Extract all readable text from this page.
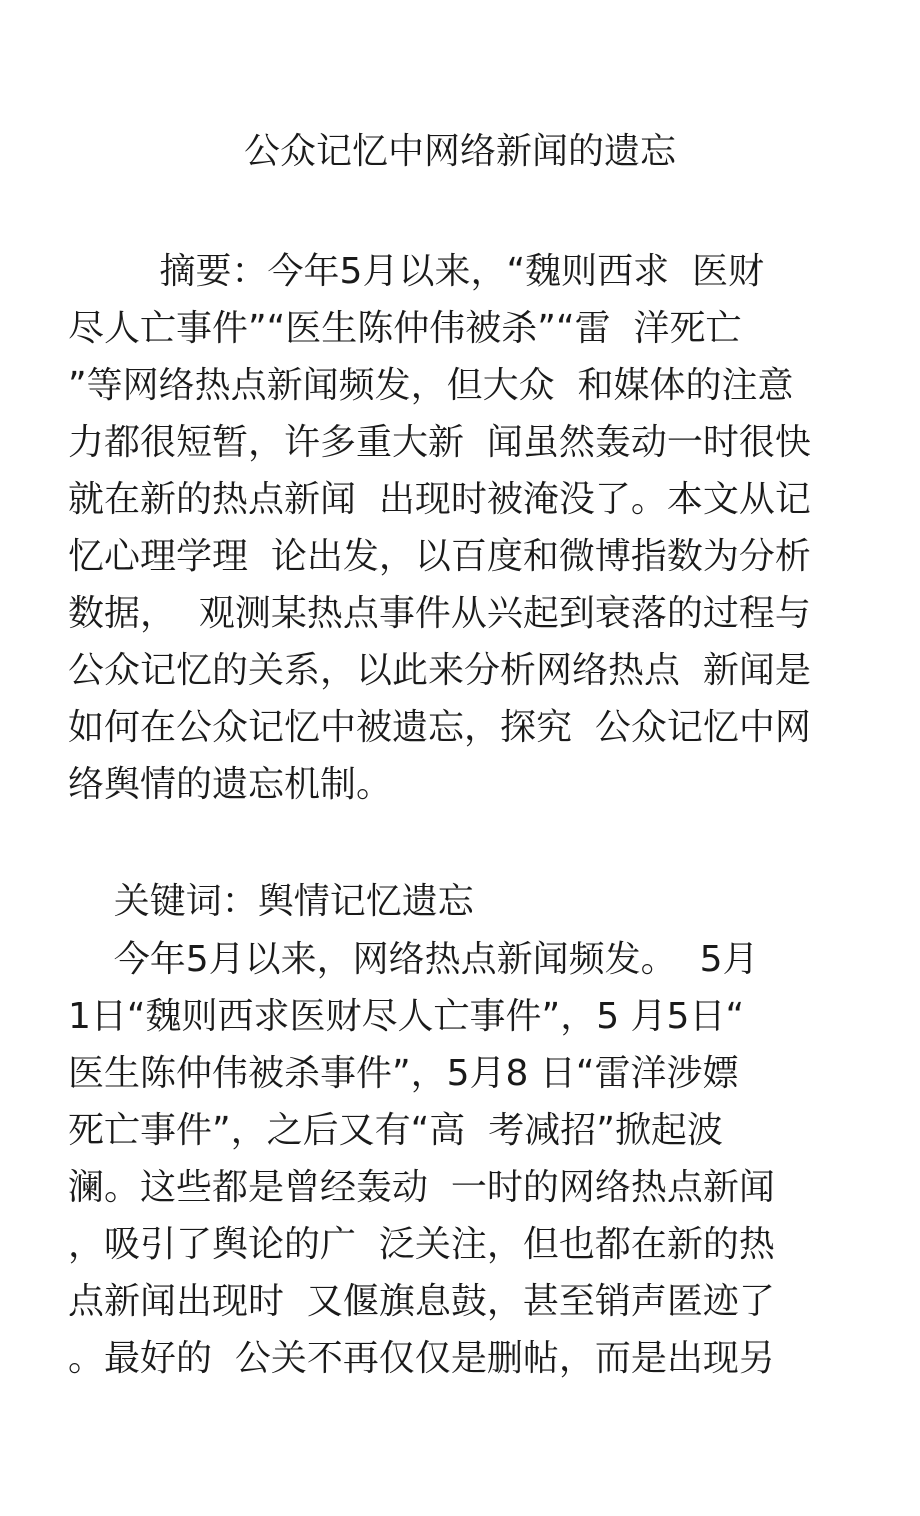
公众记忆中网络新闻的遗忘
摘要：今年5月以来，“魏则西求  医财
尽人亡事件”“医生陈仲伟被杀”“雷  洋死亡
”等网络热点新闻频发，但大众  和媒体的注意
力都很短暂，许多重大新  闻虽然轰动一时很快
就在新的热点新闻  出现时被淹没了。本文从记
忆心理学理  论出发，以百度和微博指数为分析
数据，  观测某热点事件从兴起到衰落的过程与
公众记忆的关系，以此来分析网络热点  新闻是
如何在公众记忆中被遗忘，探究  公众记忆中网
络舆情的遗忘机制。
关键词：舆情记忆遗忘
今年5月以来，网络热点新闻频发。  5月
1日“魏则西求医财尽人亡事件”，5 月5日“
医生陈仲伟被杀事件”，5月8 日“雷洋涉嫖
死亡事件”，之后又有“高  考减招”掀起波
澜。这些都是曾经轰动  一时的网络热点新闻
，吸引了舆论的广  泛关注，但也都在新的热
点新闻出现时  又偃旗息鼓，甚至销声匿迹了
。最好的  公关不再仅仅是删帖，而是出现另
